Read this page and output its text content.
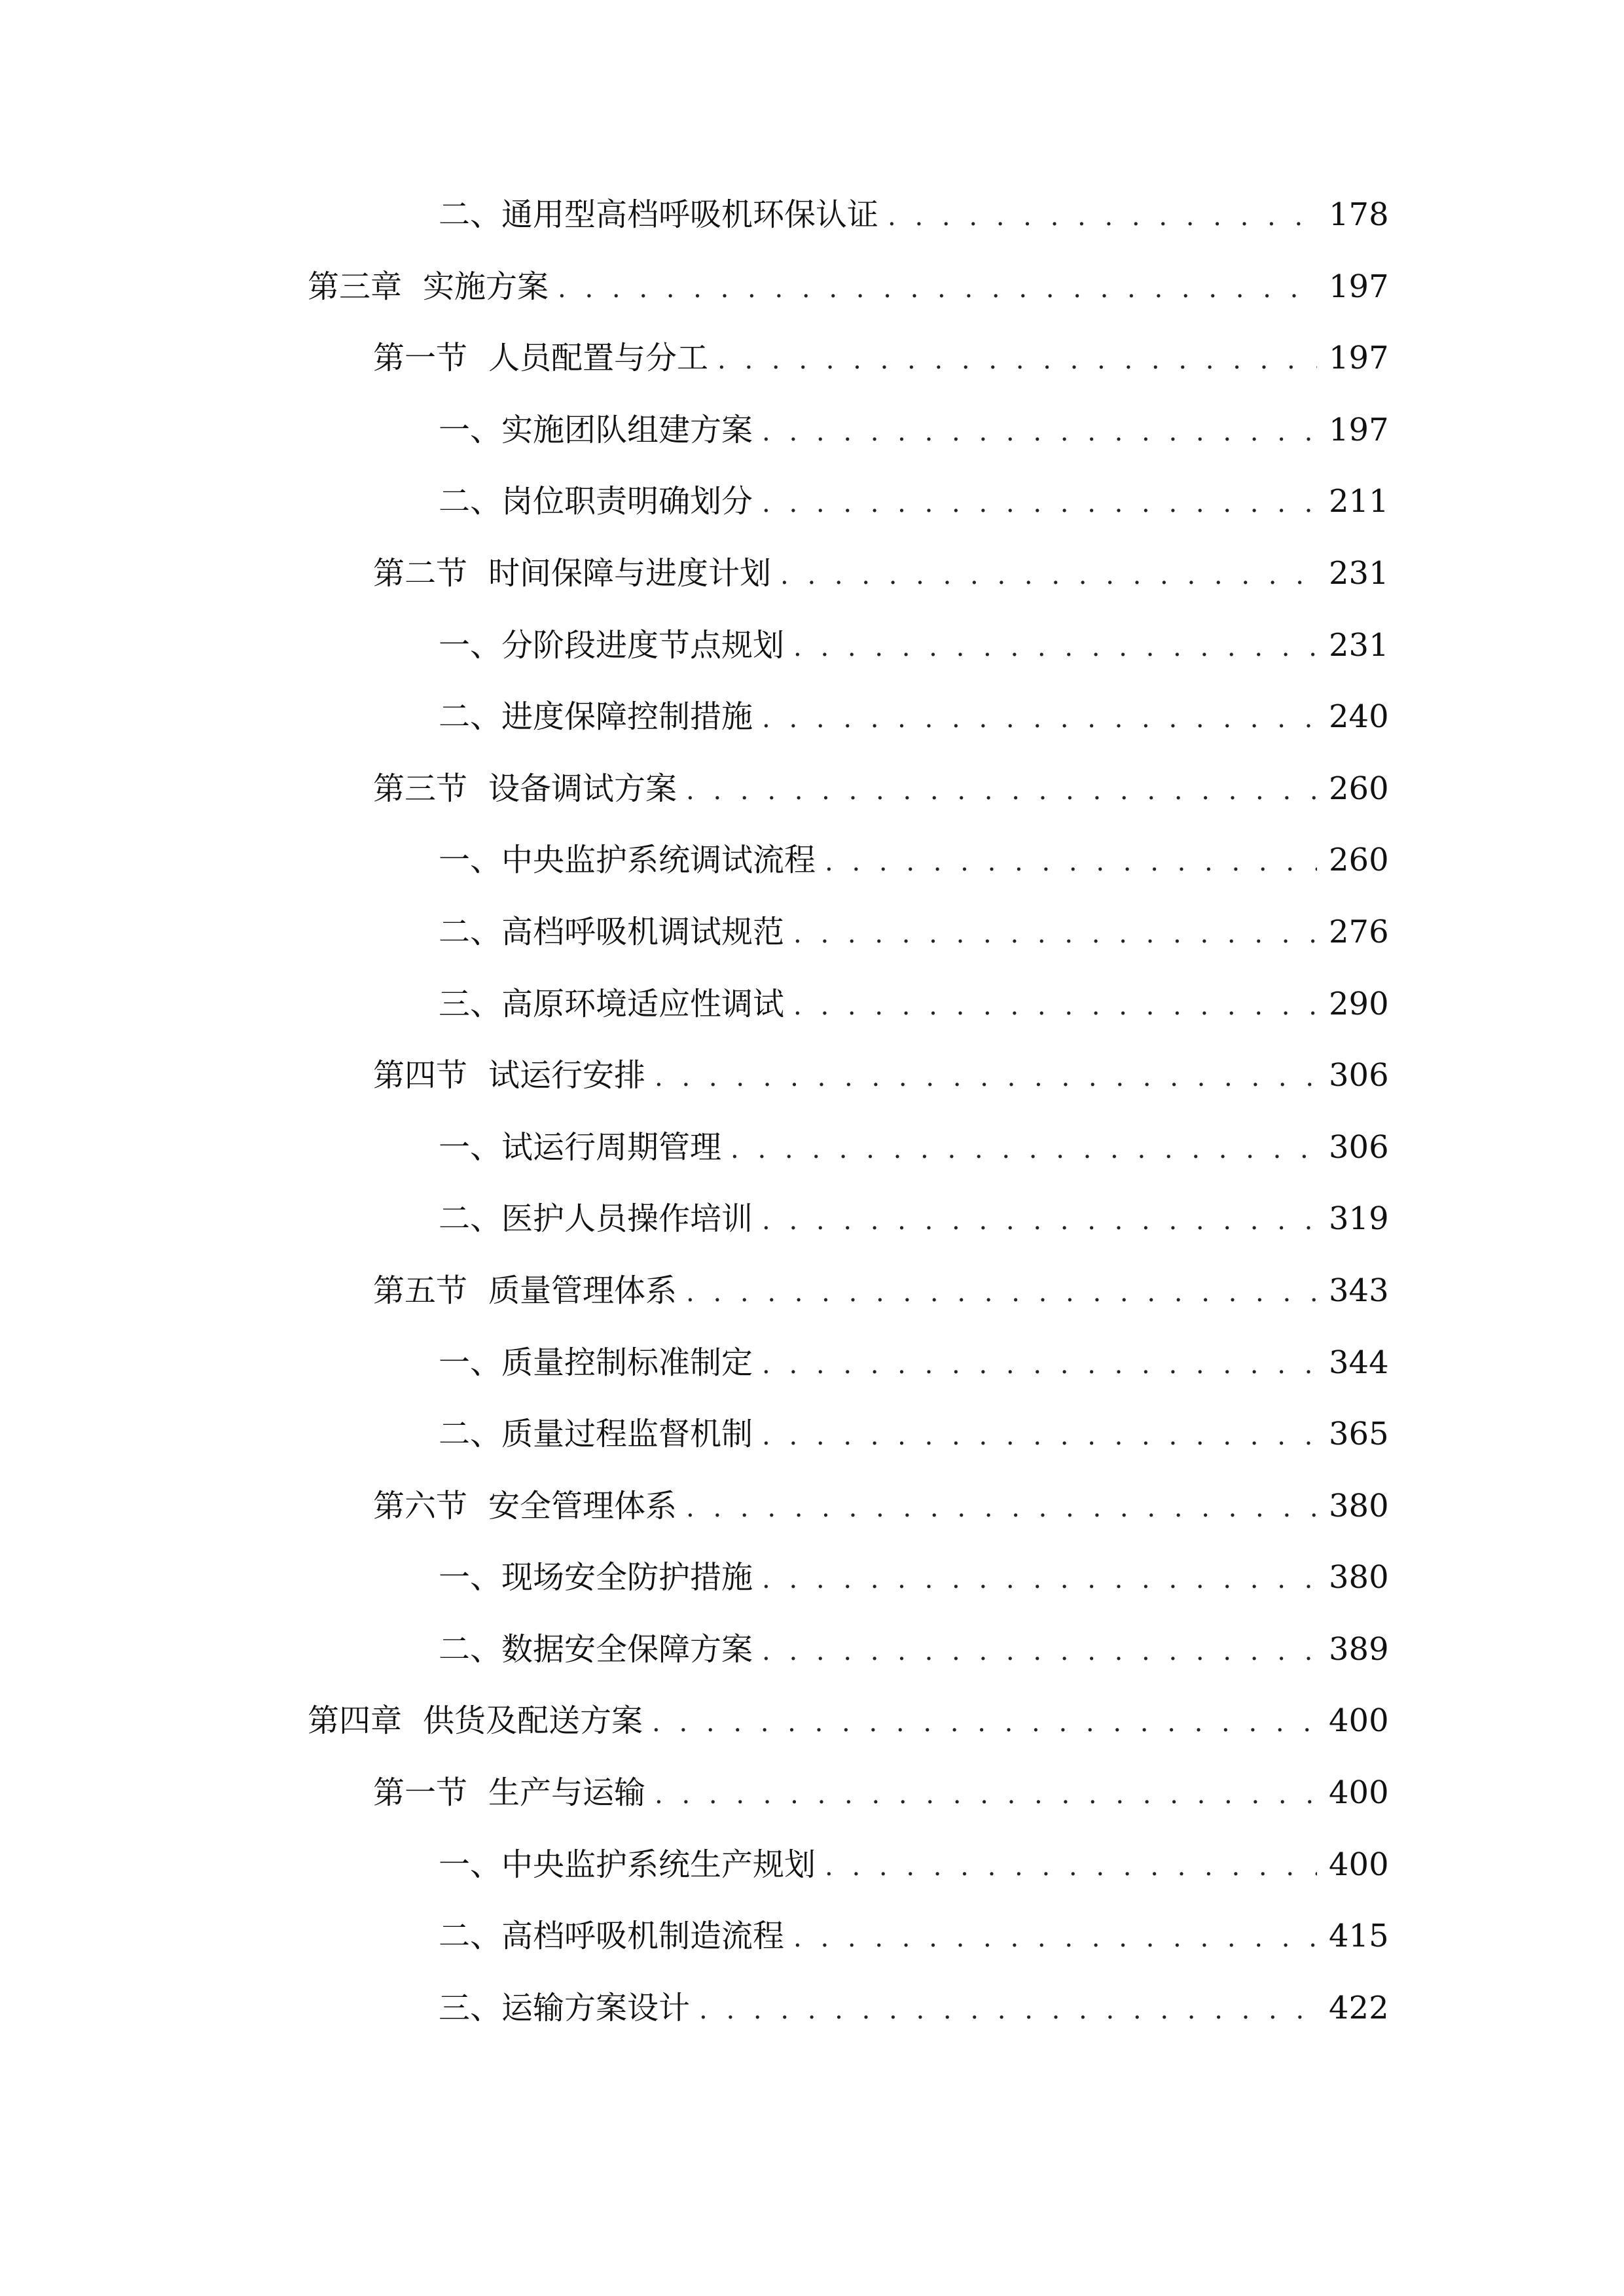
二、 通用型高档呼吸机环保认证 . . .	178
第三章 实施方案 . . .	197
第一节 人员配置与分工 . . .	197
一、 实施团队组建方案 . . .	197
二、 岗位职责明确划分 . . .	211
第二节 时间保障与进度计划 . . .	231
一、 分阶段进度节点规划 . . .	231
二、 进度保障控制措施 . . .	240
第三节 设备调试方案 . . .	260
一、 中央监护系统调试流程 . . .	260
二、 高档呼吸机调试规范 . . .	276
三、 高原环境适应性调试 . . .	290
第四节 试运行安排 . . .	306
一、 试运行周期管理 . . .	306
二、 医护人员操作培训 . . .	319
第五节 质量管理体系 . . .	343
一、 质量控制标准制定 . . .	344
二、 质量过程监督机制 . . .	365
第六节 安全管理体系 . . .	380
一、 现场安全防护措施 . . .	380
二、 数据安全保障方案 . . .	389
第四章 供货及配送方案 . . .	400
第一节 生产与运输 . . .	400
一、 中央监护系统生产规划 . . .	400
二、 高档呼吸机制造流程 . . .	415
三、 运输方案设计 . . .	422
